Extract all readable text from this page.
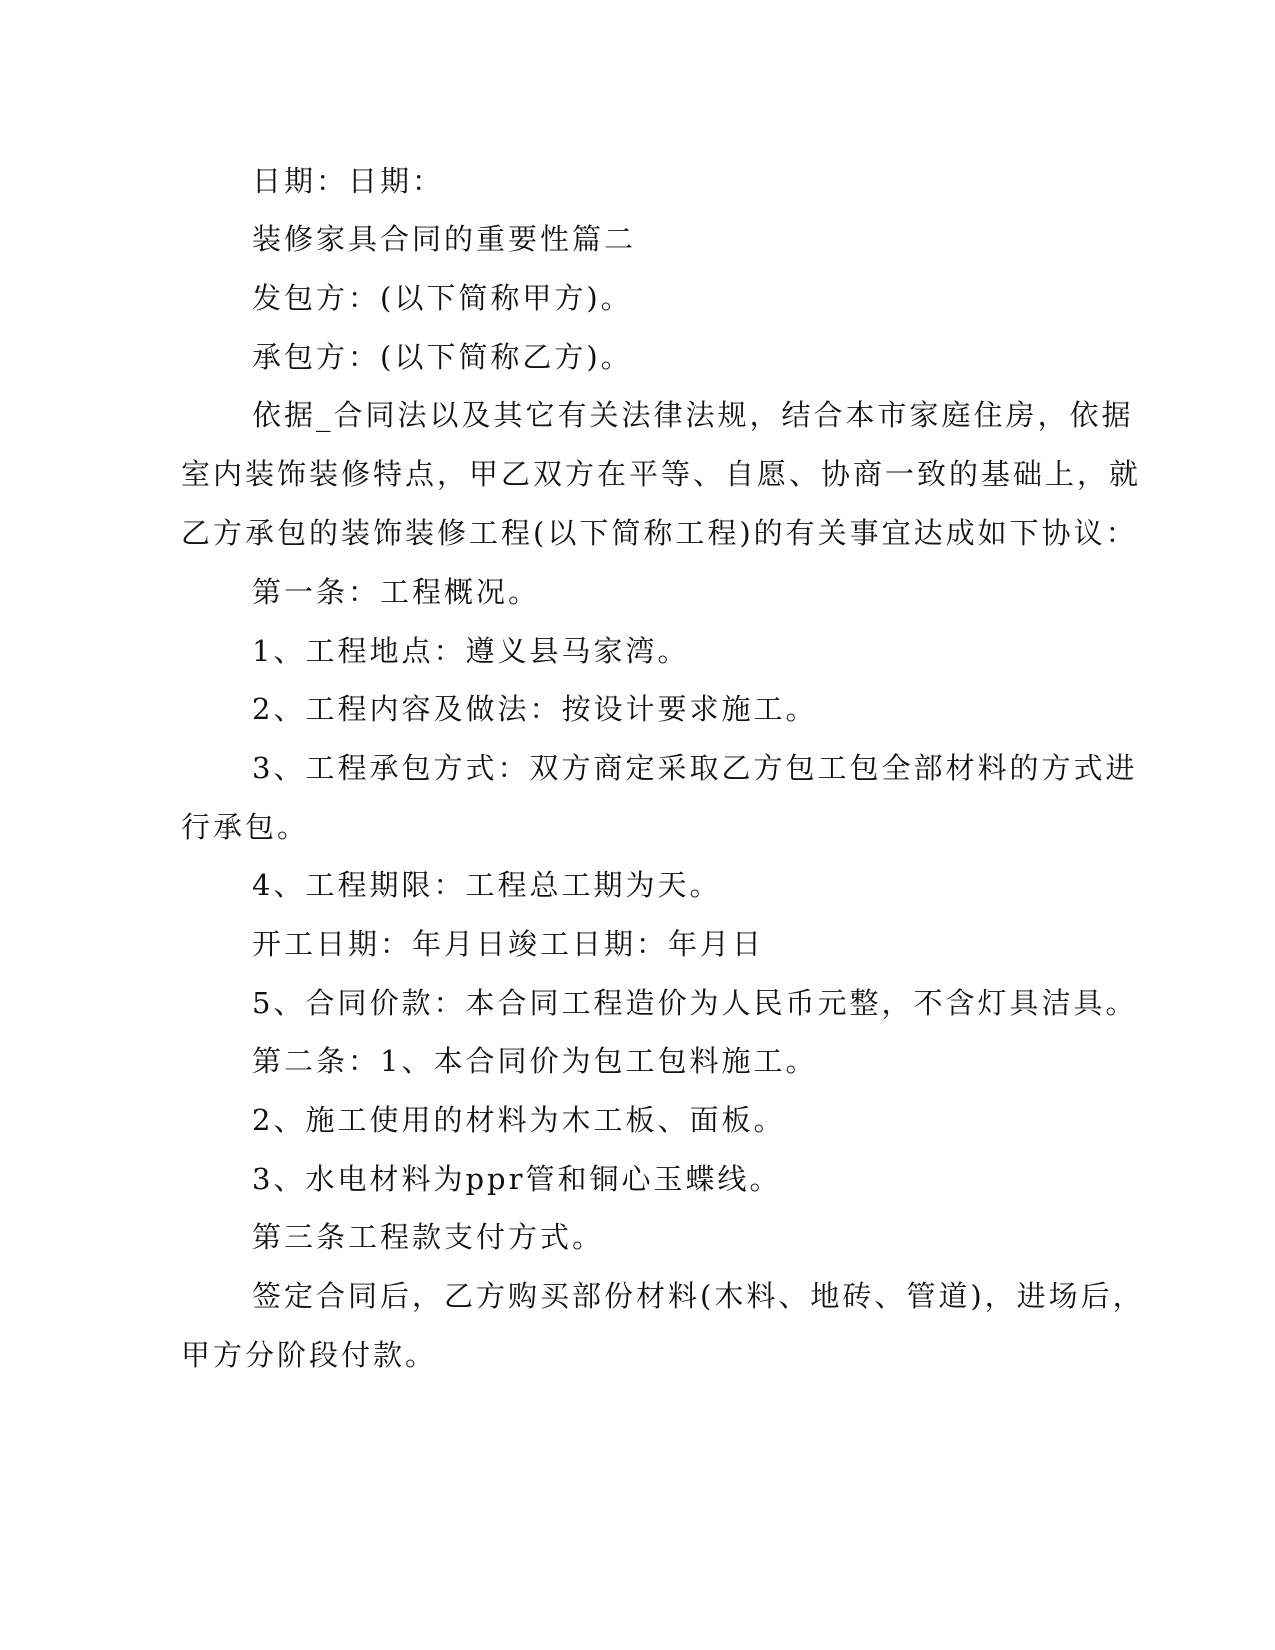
日期：日期：
装修家具合同的重要性篇二
发包方：(以下简称甲方)。
承包方：(以下简称乙方)。
依据_合同法以及其它有关法律法规，结合本市家庭住房，依据
室内装饰装修特点，甲乙双方在平等、自愿、协商一致的基础上，就
乙方承包的装饰装修工程(以下简称工程)的有关事宜达成如下协议：
第一条：工程概况。
1、工程地点：遵义县马家湾。
2、工程内容及做法：按设计要求施工。
3、工程承包方式：双方商定采取乙方包工包全部材料的方式进
行承包。
4、工程期限：工程总工期为天。
开工日期：年月日竣工日期：年月日
5、合同价款：本合同工程造价为人民币元整，不含灯具洁具。
第二条：1、本合同价为包工包料施工。
2、施工使用的材料为木工板、面板。
3、水电材料为ppr管和铜心玉蝶线。
第三条工程款支付方式。
签定合同后，乙方购买部份材料(木料、地砖、管道)，进场后，
甲方分阶段付款。
